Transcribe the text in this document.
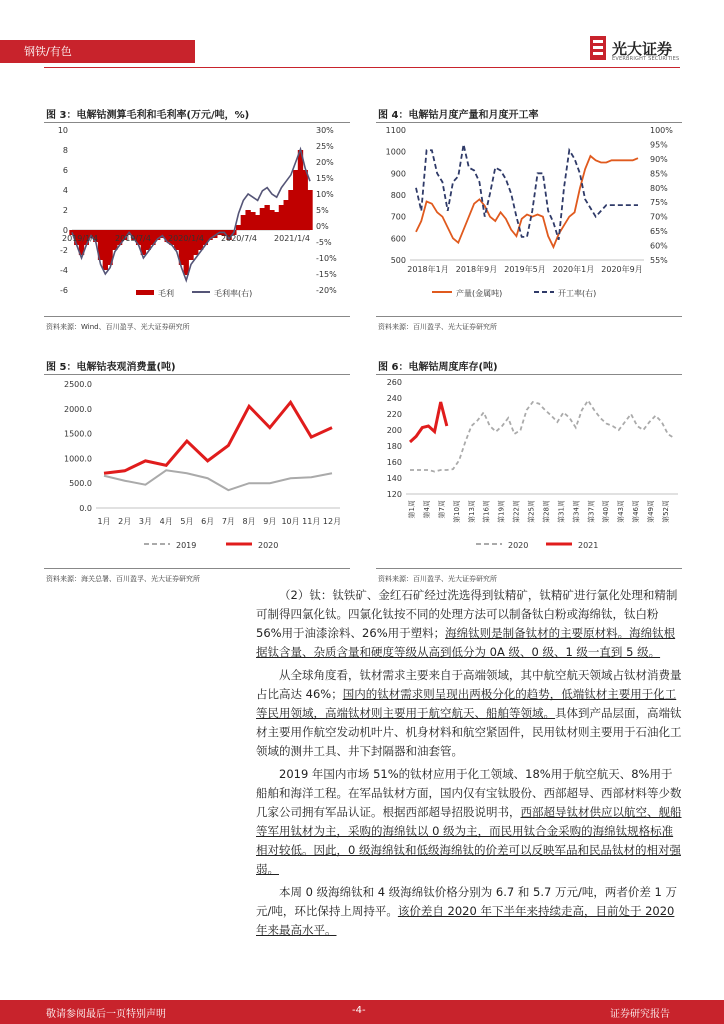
钢铁/有色	光大证券
EVERBRIGHT SECURITIES
图 3：电解钴测算毛利和毛利率(万元/吨，%)
10
8
6
4
2
0
-2
-4
-6
30%
25%
20%
15%
10%
5%
0%
-5%
-10%
-15%
-20%
2019/1/4 2019/7/4 2020/1/4 2020/7/4 2021/1/4
毛利	毛利率(右)
资料来源：Wind、百川盈孚、光大证券研究所
图 4：电解钴月度产量和月度开工率
1100
1000
900
800
700
600
500
100%
95%
90%
85%
80%
75%
70%
65%
60%
55%
2018年1月 2018年9月 2019年5月 2020年1月 2020年9月
产量(金属吨)	开工率(右)
资料来源：百川盈孚、光大证券研究所
图 5：电解钴表观消费量(吨)
2500.0
2000.0
1500.0
1000.0
500.0
0.0
1月 2月 3月 4月 5月 6月 7月 8月 9月 10月 11月 12月
2019	2020
资料来源：海关总署、百川盈孚、光大证券研究所
图 6：电解钴周度库存(吨)
260
240
220
200
180
160
140
120
第1周 第4周 第7周 第10周 第13周 第16周 第19周 第22周 第25周 第28周 第31周 第34周 第37周 第40周 第43周 第46周 第49周 第52周
2020	2021
资料来源：百川盈孚、光大证券研究所

（2）钛：钛铁矿、金红石矿经过洗选得到钛精矿，钛精矿进行氯化处理和精制可制得四氯化钛。四氯化钛按不同的处理方法可以制备钛白粉或海绵钛，钛白粉 56%用于油漆涂料、26%用于塑料；海绵钛则是制备钛材的主要原材料。海绵钛根据钛含量、杂质含量和硬度等级从高到低分为 0A 级、0 级、1 级一直到 5 级。

从全球角度看，钛材需求主要来自于高端领域，其中航空航天领域占钛材消费量占比高达 46%；国内的钛材需求则呈现出两极分化的趋势，低端钛材主要用于化工等民用领域，高端钛材则主要用于航空航天、船舶等领域。具体到产品层面，高端钛材主要用作航空发动机叶片、机身材料和航空紧固件，民用钛材则主要用于石油化工领域的测井工具、井下封隔器和油套管。

2019 年国内市场 51%的钛材应用于化工领域、18%用于航空航天、8%用于船舶和海洋工程。在军品钛材方面，国内仅有宝钛股份、西部超导、西部材料等少数几家公司拥有军品认证。根据西部超导招股说明书，西部超导钛材供应以航空、舰船等军用钛材为主，采购的海绵钛以 0 级为主，而民用钛合金采购的海绵钛规格标准相对较低。因此，0 级海绵钛和低级海绵钛的价差可以反映军品和民品钛材的相对强弱。

本周 0 级海绵钛和 4 级海绵钛价格分别为 6.7 和 5.7 万元/吨，两者价差 1 万元/吨，环比保持上周持平。该价差自 2020 年下半年来持续走高，目前处于 2020 年来最高水平。

敬请参阅最后一页特别声明	-4-	证券研究报告
